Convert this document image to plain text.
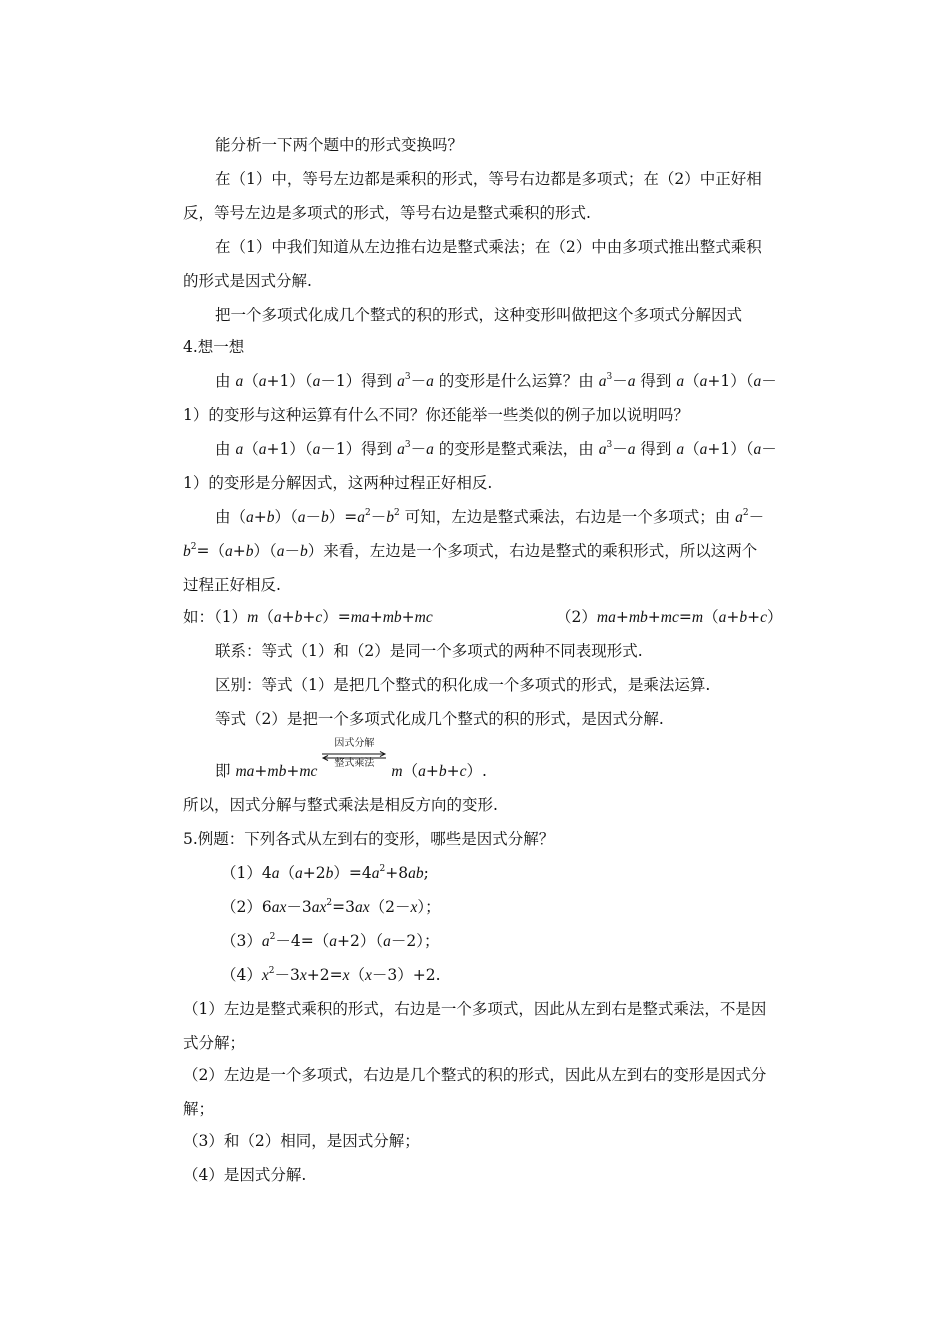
能分析一下两个题中的形式变换吗？
在（1）中，等号左边都是乘积的形式，等号右边都是多项式；在（2）中正好相
反，等号左边是多项式的形式，等号右边是整式乘积的形式.
在（1）中我们知道从左边推右边是整式乘法；在（2）中由多项式推出整式乘积
的形式是因式分解.
把一个多项式化成几个整式的积的形式，这种变形叫做把这个多项式分解因式
4.想一想
由 a（a+1）（a－1）得到 $a^3-a$ 的变形是什么运算？由 $a^3-a$ 得到 a（a+1）（a－
1）的变形与这种运算有什么不同？你还能举一些类似的例子加以说明吗？
由 a（a+1）（a－1）得到 $a^3-a$ 的变形是整式乘法，由 $a^3-a$ 得到 a（a+1）（a－
1）的变形是分解因式，这两种过程正好相反.
由$(a+b)(a-b)=a^2-b^2$ 可知，左边是整式乘法，右边是一个多项式；由 $a^2-$
$b^2=(a+b)(a-b)$来看，左边是一个多项式，右边是整式的乘积形式，所以这两个
过程正好相反.
如：（1）m（a+b+c）=ma+mb+mc	（2）ma+mb+mc=m（a+b+c）
联系：等式（1）和（2）是同一个多项式的两种不同表现形式.
区别：等式（1）是把几个整式的积化成一个多项式的形式，是乘法运算.
等式（2）是把一个多项式化成几个整式的积的形式，是因式分解.
即 ma+mb+mc
因式分解
整式乘法	m（a+b+c）.
所以，因式分解与整式乘法是相反方向的变形.
5.例题：下列各式从左到右的变形，哪些是因式分解？
$(1)4a(a+2b)=4a^2+8ab$;
$(2)6ax-3ax^2=3ax(2-x)$；
$(3)a^2-4=(a+2)(a-2)$；
$(4)x^2-3x+2=x(x-3)+2$.
（1）左边是整式乘积的形式，右边是一个多项式，因此从左到右是整式乘法，不是因
式分解；
（2）左边是一个多项式，右边是几个整式的积的形式，因此从左到右的变形是因式分
解；
（3）和（2）相同，是因式分解；
（4）是因式分解.
